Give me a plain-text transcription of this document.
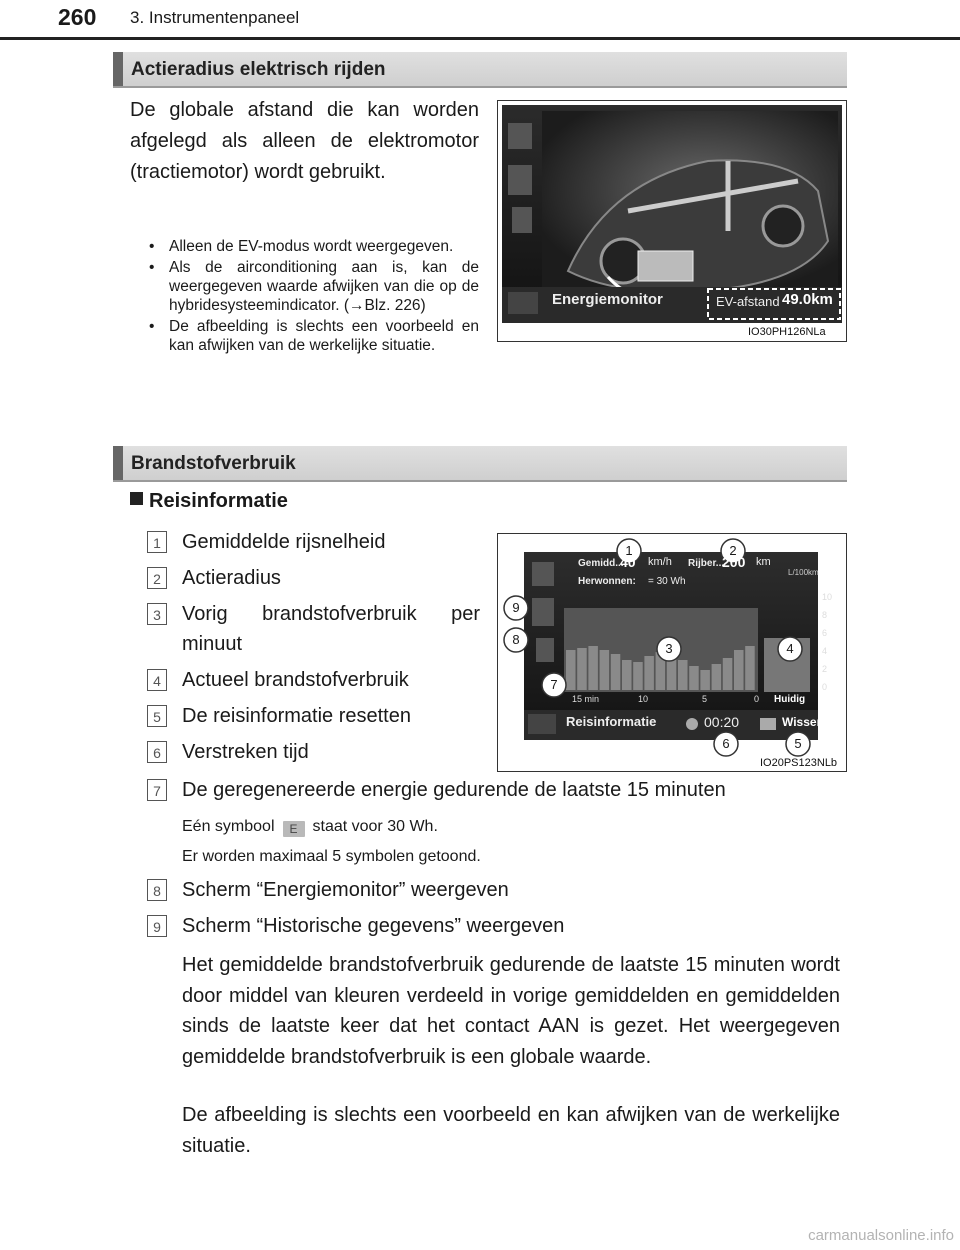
260 3. Instrumentenpaneel
Actieradius elektrisch rijden
De globale afstand die kan worden afgelegd als alleen de elektromotor (tractiemotor) wordt gebruikt.
• Alleen de EV-modus wordt weergegeven.
• Als de airconditioning aan is, kan de weergegeven waarde afwijken van die op de hybridesysteemindicator. (→Blz. 226)
• De afbeelding is slechts een voorbeeld en kan afwijken van de werkelijke situatie.
Energiemonitor	EV-afstand 49.0km
IO30PH126NLa
Brandstofverbruik
Reisinformatie
1	Gemiddelde rijsnelheid
2	Actieradius
3	Vorig brandstofverbruik per minuut
4	Actueel brandstofverbruik
5	De reisinformatie resetten
6	Verstreken tijd
7	De geregenereerde energie gedurende de laatste 15 minuten
Eén symbool E staat voor 30 Wh.
Er worden maximaal 5 symbolen getoond.
8	Scherm “Energiemonitor” weergeven
9	Scherm “Historische gegevens” weergeven
Het gemiddelde brandstofverbruik gedurende de laatste 15 minuten wordt door middel van kleuren verdeeld in vorige gemiddelden en gemiddelden sinds de laatste keer dat het contact AAN is gezet. Het weergegeven gemiddelde brandstofverbruik is een globale waarde.
De afbeelding is slechts een voorbeeld en kan afwijken van de werkelijke situatie.
Gemidd...
40 km/h Rijber...
200 km
L/100km
Herwonnen: = 30 Wh
10
8
6
4
2
0
15 min	10	5	0 Huidig
Reisinformatie	00:20	Wissen
1	2
3	4
5
6
7
8
9
IO20PS123NLb
carmanualsonline.info
